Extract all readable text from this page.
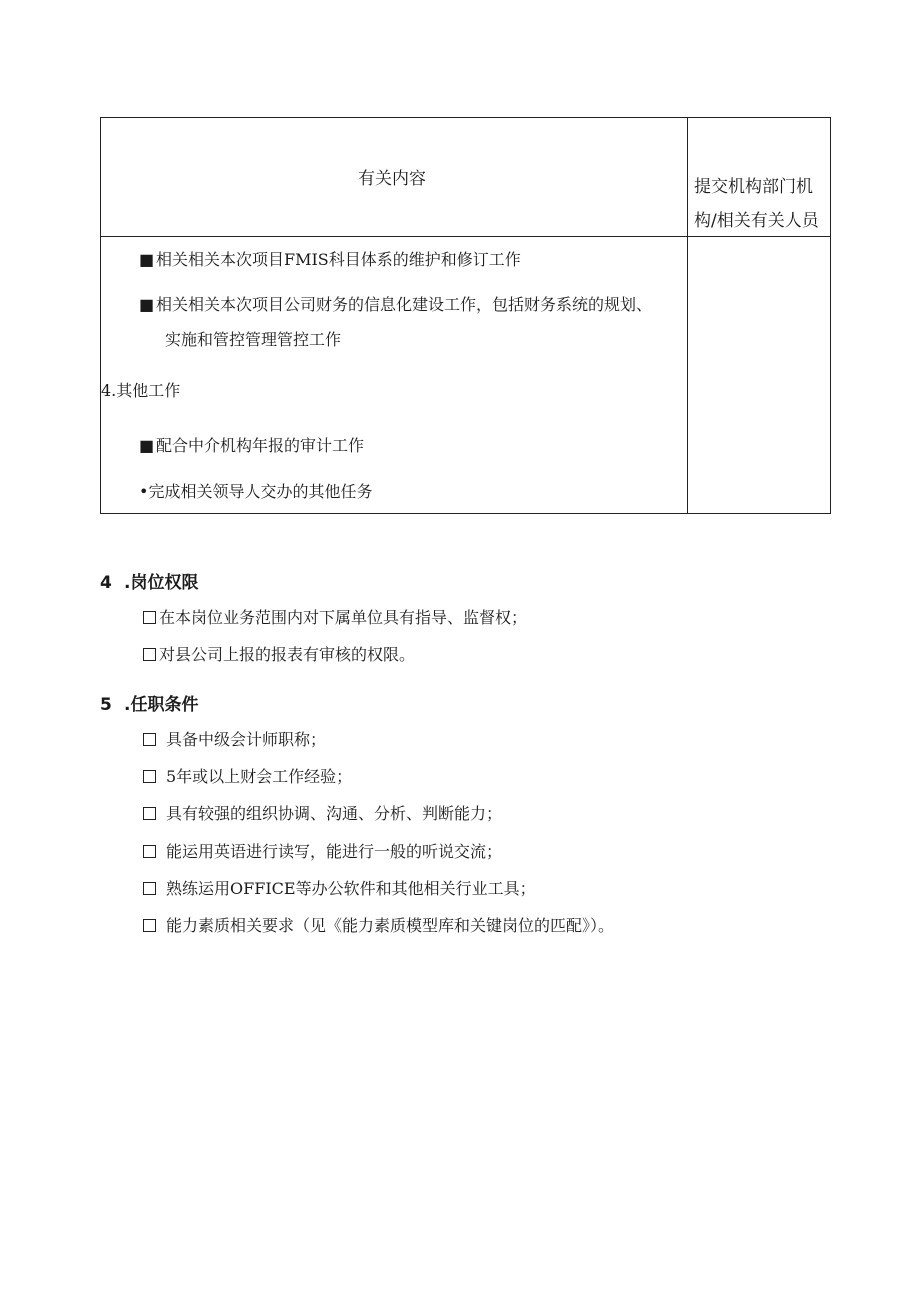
有关内容	提交机构部门机构/相关有关人员
■ 相关相关本次项目FMIS科目体系的维护和修订工作
■ 相关相关本次项目公司财务的信息化建设工作，包括财务系统的规划、
实施和管控管理管控工作
4.其他工作
■ 配合中介机构年报的审计工作
•完成相关领导人交办的其他任务
4 .岗位权限
在本岗位业务范围内对下属单位具有指导、监督权；
对县公司上报的报表有审核的权限。
5 .任职条件
具备中级会计师职称；
5年或以上财会工作经验；
具有较强的组织协调、沟通、分析、判断能力；
能运用英语进行读写，能进行一般的听说交流；
熟练运用OFFICE等办公软件和其他相关行业工具；
能力素质相关要求（见《能力素质模型库和关键岗位的匹配》）。
